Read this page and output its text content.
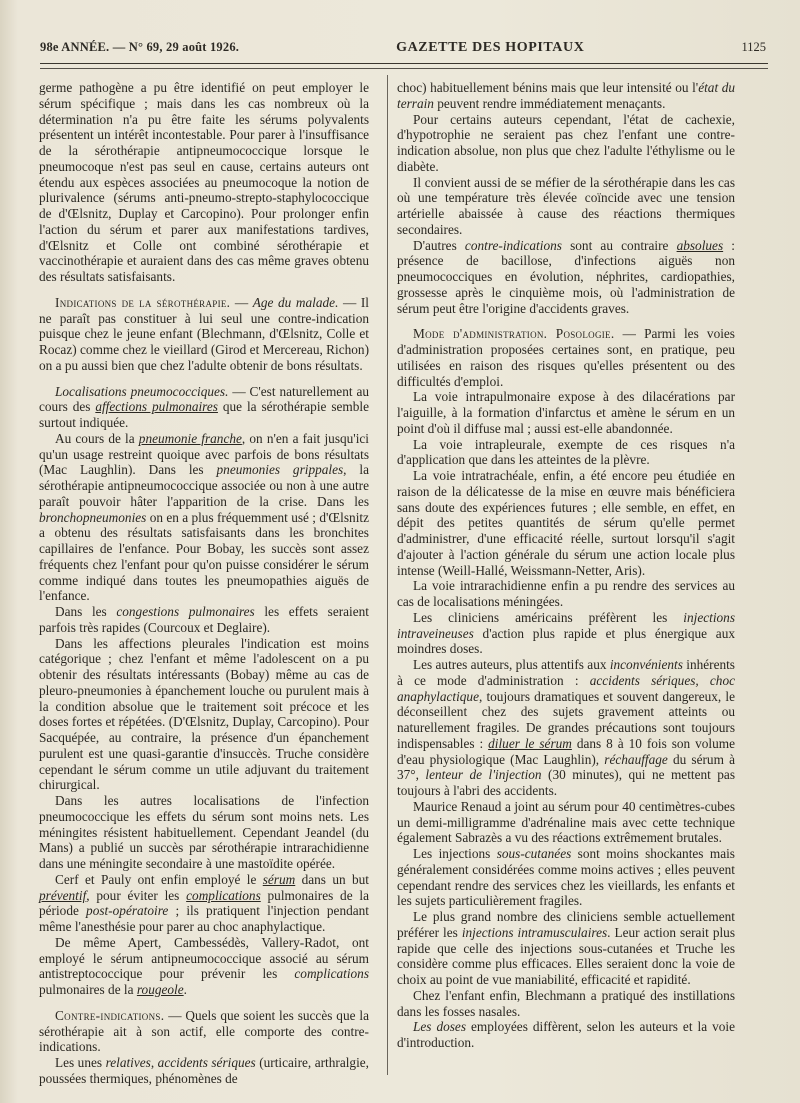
98e ANNÉE. — N° 69, 29 août 1926.	GAZETTE DES HOPITAUX	1125

germe pathogène a pu être identifié on peut employer le sérum spécifique ; mais dans les cas nombreux où la détermination n'a pu être faite les sérums polyvalents présentent un intérêt incontestable. Pour parer à l'insuffisance de la sérothérapie antipneumococcique lorsque le pneumocoque n'est pas seul en cause, certains auteurs ont étendu aux espèces associées au pneumocoque la notion de plurivalence (sérums anti-pneumo-strepto-staphylococcique de d'Œlsnitz, Duplay et Carcopino). Pour prolonger enfin l'action du sérum et parer aux manifestations tardives, d'Œlsnitz et Colle ont combiné sérothérapie et vaccinothérapie et auraient dans des cas même graves obtenu des résultats satisfaisants.

Indications de la sérothérapie. — Age du malade. — Il ne paraît pas constituer à lui seul une contre-indication puisque chez le jeune enfant (Blechmann, d'Œlsnitz, Colle et Rocaz) comme chez le vieillard (Girod et Mercereau, Richon) on a pu aussi bien que chez l'adulte obtenir de bons résultats.

Localisations pneumococciques. — C'est naturellement au cours des affections pulmonaires que la sérothérapie semble surtout indiquée.

Au cours de la pneumonie franche, on n'en a fait jusqu'ici qu'un usage restreint quoique avec parfois de bons résultats (Mac Laughlin). Dans les pneumonies grippales, la sérothérapie antipneumococcique associée ou non à une autre paraît pouvoir hâter l'apparition de la crise. Dans les bronchopneumonies on en a plus fréquemment usé ; d'Œlsnitz a obtenu des résultats satisfaisants dans les bronchites capillaires de l'enfance. Pour Bobay, les succès sont assez fréquents chez l'enfant pour qu'on puisse considérer le sérum comme indiqué dans toutes les pneumopathies aiguës de l'enfance.

Dans les congestions pulmonaires les effets seraient parfois très rapides (Courcoux et Deglaire).

Dans les affections pleurales l'indication est moins catégorique ; chez l'enfant et même l'adolescent on a pu obtenir des résultats intéressants (Bobay) même au cas de pleuro-pneumonies à épanchement louche ou purulent mais à la condition absolue que le traitement soit précoce et les doses fortes et répétées. (D'Œlsnitz, Duplay, Carcopino). Pour Sacquépée, au contraire, la présence d'un épanchement purulent est une quasi-garantie d'insuccès. Truche considère cependant le sérum comme un utile adjuvant du traitement chirurgical.

Dans les autres localisations de l'infection pneumococcique les effets du sérum sont moins nets. Les méningites résistent habituellement. Cependant Jeandel (du Mans) a publié un succès par sérothérapie intrarachidienne dans une méningite secondaire à une mastoïdite opérée.

Cerf et Pauly ont enfin employé le sérum dans un but préventif, pour éviter les complications pulmonaires de la période post-opératoire ; ils pratiquent l'injection pendant même l'anesthésie pour parer au choc anaphylactique.

De même Apert, Cambessédès, Vallery-Radot, ont employé le sérum antipneumococcique associé au sérum antistreptococcique pour prévenir les complications pulmonaires de la rougeole.

Contre-indications. — Quels que soient les succès que la sérothérapie ait à son actif, elle comporte des contre-indications.

Les unes relatives, accidents sériques (urticaire, arthralgie, poussées thermiques, phénomènes de

choc) habituellement bénins mais que leur intensité ou l'état du terrain peuvent rendre immédiatement menaçants.

Pour certains auteurs cependant, l'état de cachexie, d'hypotrophie ne seraient pas chez l'enfant une contre-indication absolue, non plus que chez l'adulte l'éthylisme ou le diabète.

Il convient aussi de se méfier de la sérothérapie dans les cas où une température très élevée coïncide avec une tension artérielle abaissée à cause des réactions thermiques secondaires.

D'autres contre-indications sont au contraire absolues : présence de bacillose, d'infections aiguës non pneumococciques en évolution, néphrites, cardiopathies, grossesse après le cinquième mois, où l'administration de sérum peut être l'origine d'accidents graves.

Mode d'administration. Posologie. — Parmi les voies d'administration proposées certaines sont, en pratique, peu utilisées en raison des risques qu'elles présentent ou des difficultés d'emploi.

La voie intrapulmonaire expose à des dilacérations par l'aiguille, à la formation d'infarctus et amène le sérum en un point d'où il diffuse mal ; aussi est-elle abandonnée.

La voie intrapleurale, exempte de ces risques n'a d'application que dans les atteintes de la plèvre.

La voie intratrachéale, enfin, a été encore peu étudiée en raison de la délicatesse de la mise en œuvre mais bénéficiera sans doute des expériences futures ; elle semble, en effet, en dépit des petites quantités de sérum qu'elle permet d'administrer, d'une efficacité réelle, surtout lorsqu'il s'agit d'ajouter à l'action générale du sérum une action locale plus intense (Weill-Hallé, Weissmann-Netter, Aris).

La voie intrarachidienne enfin a pu rendre des services au cas de localisations méningées.

Les cliniciens américains préfèrent les injections intraveineuses d'action plus rapide et plus énergique aux moindres doses.

Les autres auteurs, plus attentifs aux inconvénients inhérents à ce mode d'administration : accidents sériques, choc anaphylactique, toujours dramatiques et souvent dangereux, le déconseillent chez des sujets gravement atteints ou naturellement fragiles. De grandes précautions sont toujours indispensables : diluer le sérum dans 8 à 10 fois son volume d'eau physiologique (Mac Laughlin), réchauffage du sérum à 37°, lenteur de l'injection (30 minutes), qui ne mettent pas toujours à l'abri des accidents.

Maurice Renaud a joint au sérum pour 40 centimètres-cubes un demi-milligramme d'adrénaline mais avec cette technique également Sabrazès a vu des réactions extrêmement brutales.

Les injections sous-cutanées sont moins shockantes mais généralement considérées comme moins actives ; elles peuvent cependant rendre des services chez les vieillards, les enfants et les sujets particulièrement fragiles.

Le plus grand nombre des cliniciens semble actuellement préférer les injections intramusculaires. Leur action serait plus rapide que celle des injections sous-cutanées et Truche les considère comme plus efficaces. Elles seraient donc la voie de choix au point de vue maniabilité, efficacité et rapidité.

Chez l'enfant enfin, Blechmann a pratiqué des instillations dans les fosses nasales.

Les doses employées diffèrent, selon les auteurs et la voie d'introduction.
